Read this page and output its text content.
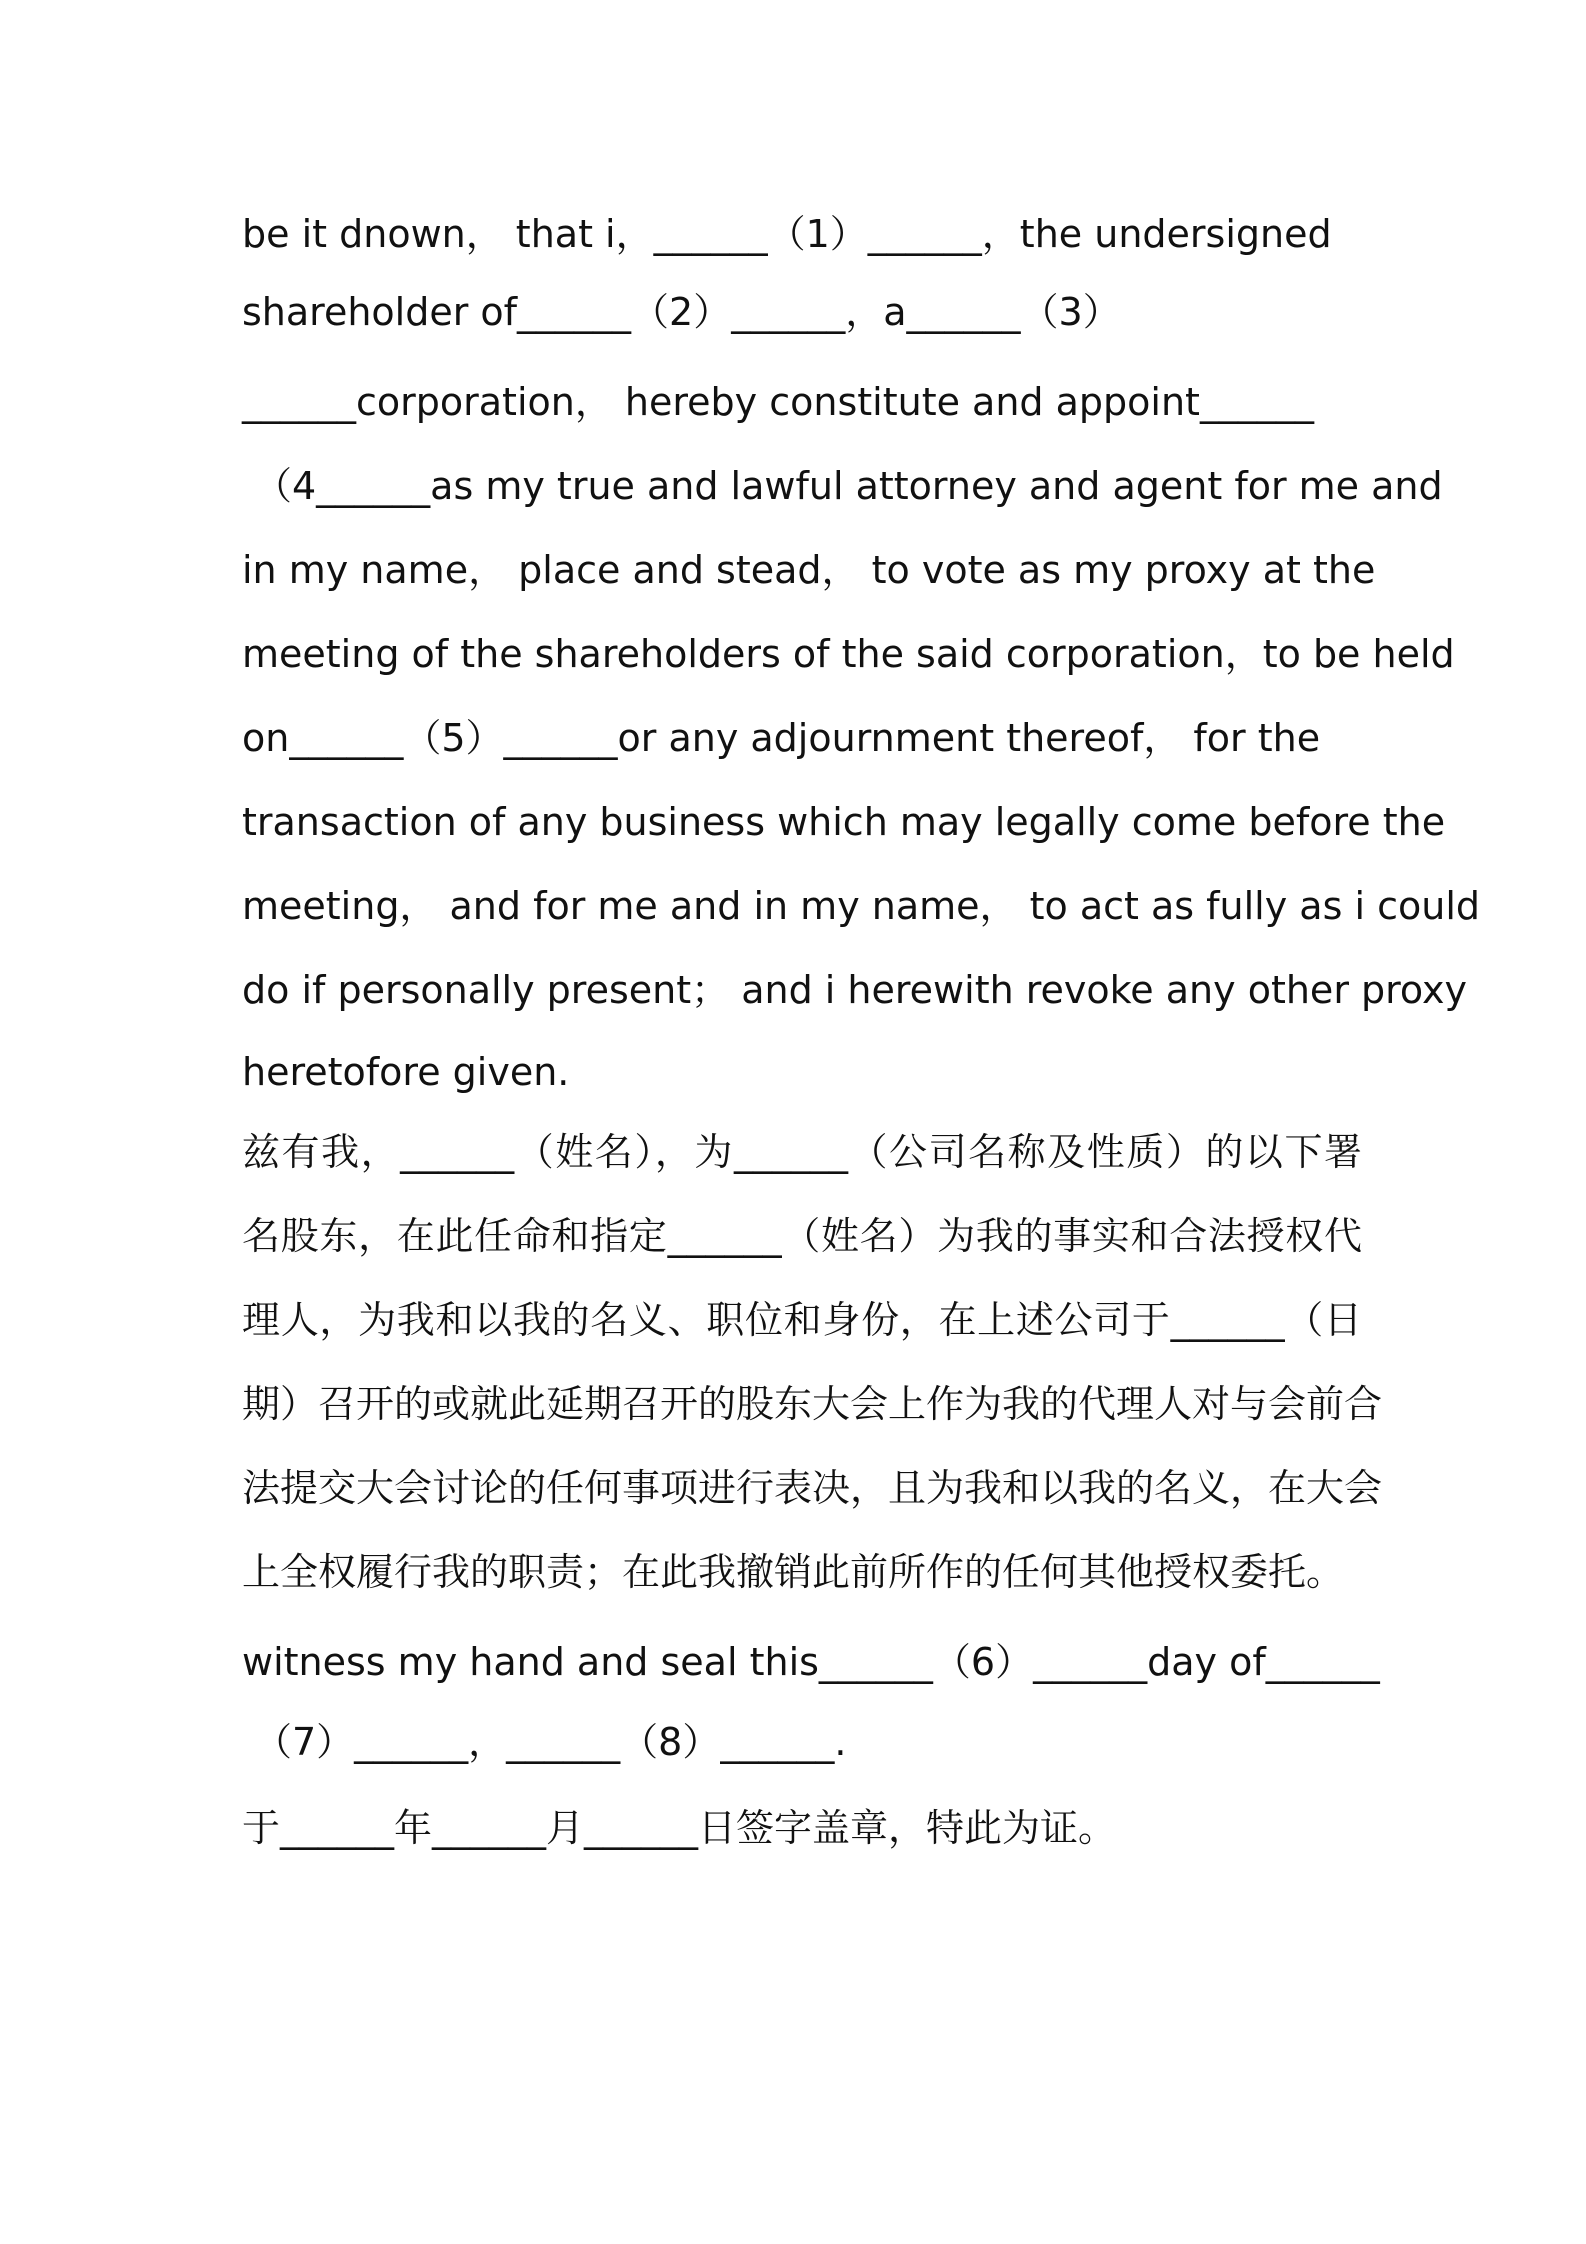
be it dnown， that i，______（1）______，the undersigned
shareholder of______（2）______，a______（3）
______corporation， hereby constitute and appoint______
（4______as my true and lawful attorney and agent for me and
in my name， place and stead， to vote as my proxy at the
meeting of the shareholders of the said corporation，to be held
on______（5）______or any adjournment thereof， for the
transaction of any business which may legally come before the
meeting， and for me and in my name， to act as fully as i could
do if personally present； and i herewith revoke any other proxy
heretofore given.
兹有我，______（姓名），为______（公司名称及性质）的以下署
名股东，在此任命和指定______（姓名）为我的事实和合法授权代
理人，为我和以我的名义、职位和身份，在上述公司于______（日
期）召开的或就此延期召开的股东大会上作为我的代理人对与会前合
法提交大会讨论的任何事项进行表决，且为我和以我的名义，在大会
上全权履行我的职责；在此我撤销此前所作的任何其他授权委托。
witness my hand and seal this______（6）______day of______
（7）______，______（8）______.
于______年______月______日签字盖章，特此为证。
